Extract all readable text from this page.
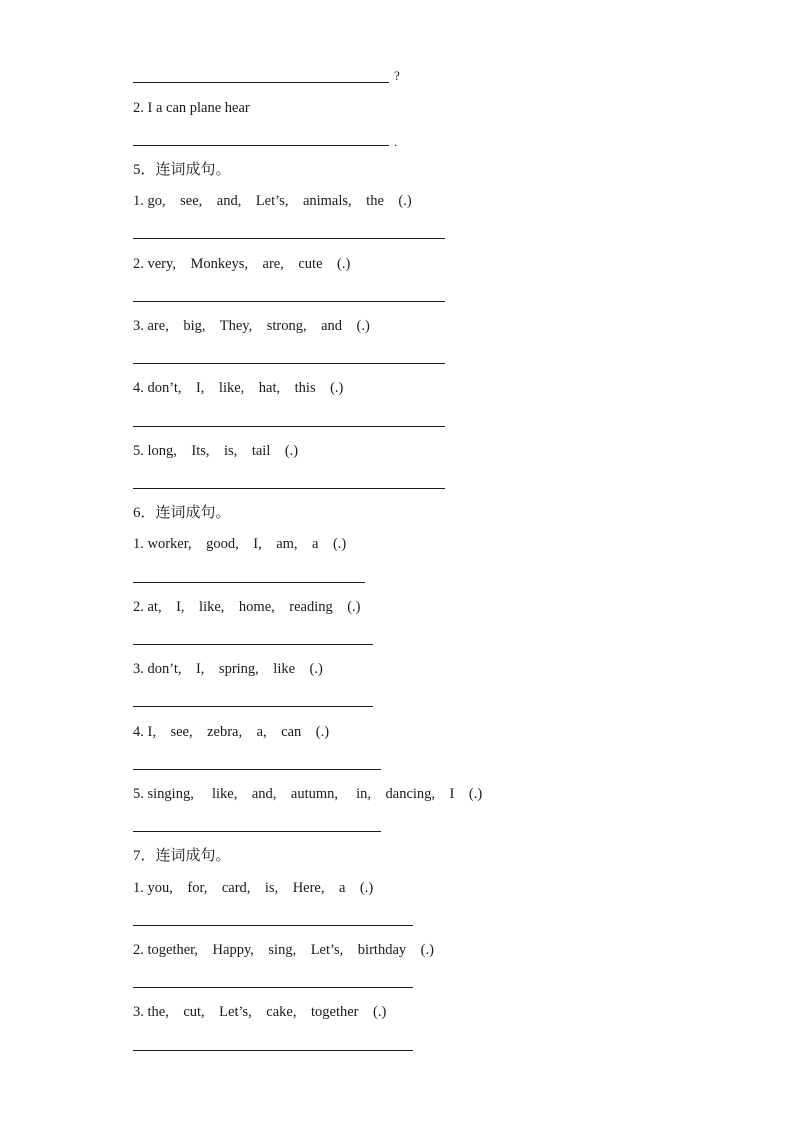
?
2. I a can plane hear
.
5．连词成句。
1. go,    see,    and,    Let’s,    animals,    the    (.)
2. very,    Monkeys,    are,    cute    (.)
3. are,    big,    They,    strong,    and    (.)
4. don’t,    I,    like,    hat,    this    (.)
5. long,    Its,    is,    tail    (.)
6．连词成句。
1. worker,    good,    I,    am,    a    (.)
2. at,    I,    like,    home,    reading    (.)
3. don’t,    I,    spring,    like    (.)
4. I,    see,    zebra,    a,    can    (.)
5. singing,     like,    and,    autumn,     in,    dancing,    I    (.)
7．连词成句。
1. you,    for,    card,    is,    Here,    a    (.)
2. together,    Happy,    sing,    Let’s,    birthday    (.)
3. the,    cut,    Let’s,    cake,    together    (.)
